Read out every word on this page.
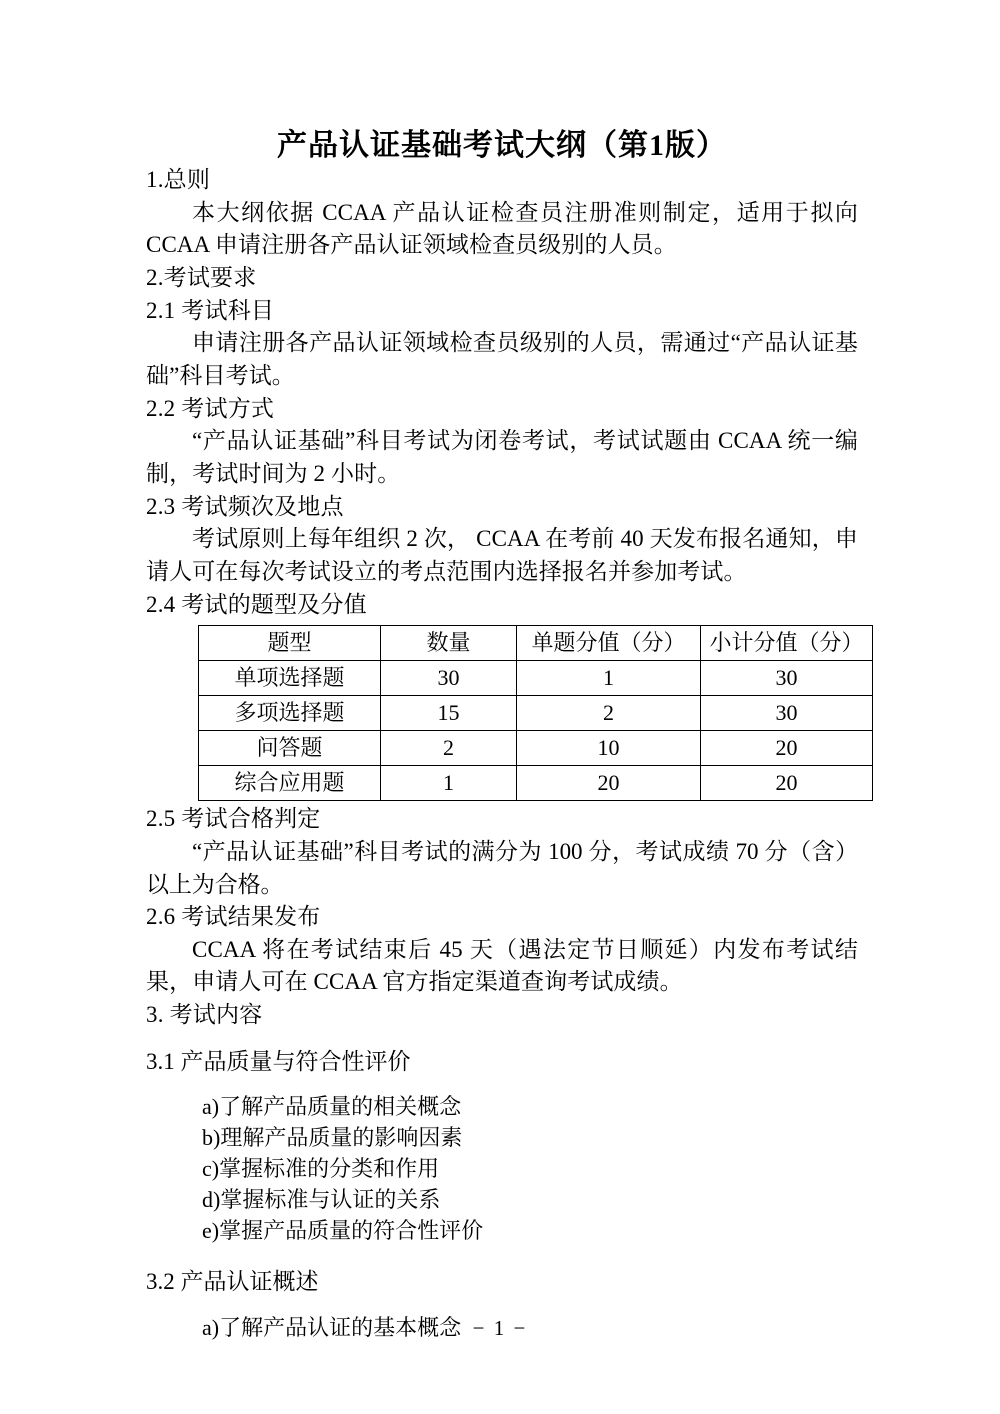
产品认证基础考试大纲（第1版）

1.总则

本大纲依据 CCAA 产品认证检查员注册准则制定，适用于拟向CCAA 申请注册各产品认证领域检查员级别的人员。

2.考试要求

2.1 考试科目

申请注册各产品认证领域检查员级别的人员，需通过“产品认证基础”科目考试。

2.2 考试方式

“产品认证基础”科目考试为闭卷考试，考试试题由 CCAA 统一编制，考试时间为 2 小时。

2.3 考试频次及地点

考试原则上每年组织 2 次， CCAA 在考前 40 天发布报名通知，申请人可在每次考试设立的考点范围内选择报名并参加考试。

2.4 考试的题型及分值

题型	数量	单题分值（分）	小计分值（分）
单项选择题	30	1	30
多项选择题	15	2	30
问答题	2	10	20
综合应用题	1	20	20

2.5 考试合格判定

“产品认证基础”科目考试的满分为 100 分，考试成绩 70 分（含）以上为合格。

2.6 考试结果发布

CCAA 将在考试结束后 45 天（遇法定节日顺延）内发布考试结果，申请人可在 CCAA 官方指定渠道查询考试成绩。

3. 考试内容

3.1 产品质量与符合性评价

a)了解产品质量的相关概念
b)理解产品质量的影响因素
c)掌握标准的分类和作用
d)掌握标准与认证的关系
e)掌握产品质量的符合性评价

3.2 产品认证概述

a)了解产品认证的基本概念 − 1 −
